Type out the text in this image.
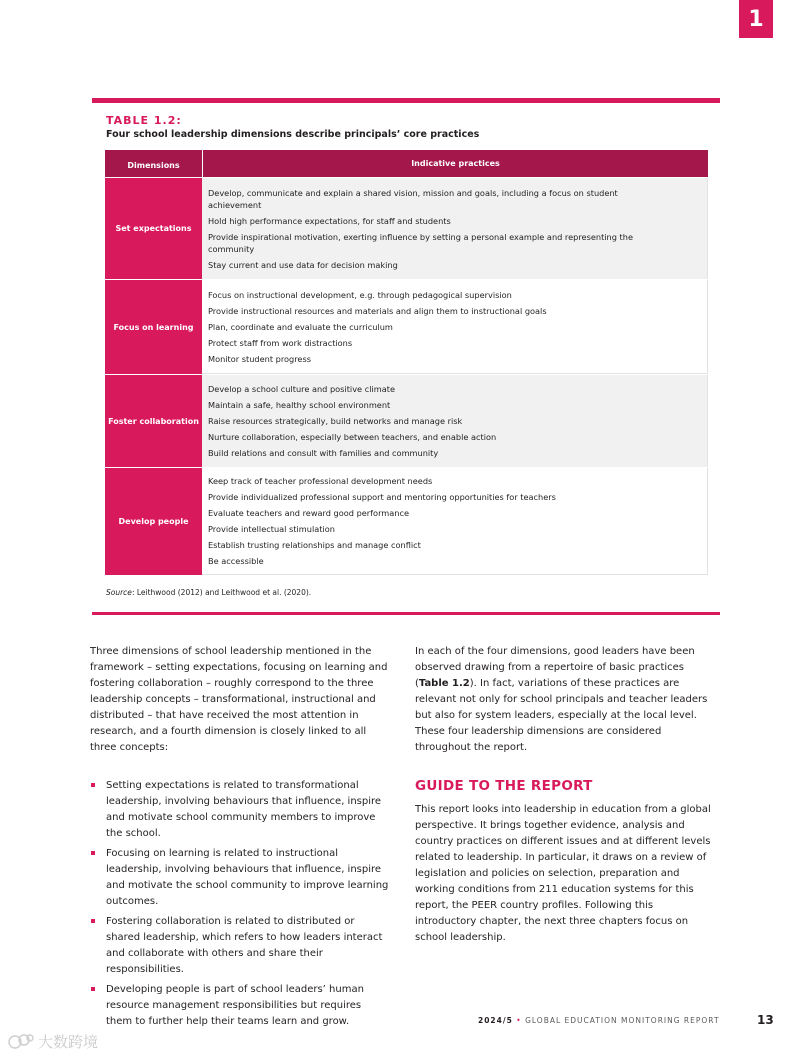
1
TABLE 1.2:
Four school leadership dimensions describe principals’ core practices
Dimensions	Indicative practices
Set expectations

Develop, communicate and explain a shared vision, mission and goals, including a focus on student achievement

Hold high performance expectations, for staff and students

Provide inspirational motivation, exerting influence by setting a personal example and representing the community

Stay current and use data for decision making

Focus on learning

Focus on instructional development, e.g. through pedagogical supervision

Provide instructional resources and materials and align them to instructional goals

Plan, coordinate and evaluate the curriculum

Protect staff from work distractions

Monitor student progress

Foster collaboration

Develop a school culture and positive climate

Maintain a safe, healthy school environment

Raise resources strategically, build networks and manage risk

Nurture collaboration, especially between teachers, and enable action

Build relations and consult with families and community

Develop people

Keep track of teacher professional development needs

Provide individualized professional support and mentoring opportunities for teachers

Evaluate teachers and reward good performance

Provide intellectual stimulation

Establish trusting relationships and manage conflict

Be accessible

Source: Leithwood (2012) and Leithwood et al. (2020).

Three dimensions of school leadership mentioned in the framework – setting expectations, focusing on learning and fostering collaboration – roughly correspond to the three leadership concepts – transformational, instructional and distributed – that have received the most attention in research, and a fourth dimension is closely linked to all three concepts:

Setting expectations is related to transformational leadership, involving behaviours that influence, inspire and motivate school community members to improve the school.
Focusing on learning is related to instructional leadership, involving behaviours that influence, inspire and motivate the school community to improve learning outcomes.
Fostering collaboration is related to distributed or shared leadership, which refers to how leaders interact and collaborate with others and share their responsibilities.
Developing people is part of school leaders’ human resource management responsibilities but requires them to further help their teams learn and grow.

In each of the four dimensions, good leaders have been observed drawing from a repertoire of basic practices (Table 1.2). In fact, variations of these practices are relevant not only for school principals and teacher leaders but also for system leaders, especially at the local level. These four leadership dimensions are considered throughout the report.

GUIDE TO THE REPORT

This report looks into leadership in education from a global perspective. It brings together evidence, analysis and country practices on different issues and at different levels related to leadership. In particular, it draws on a review of legislation and policies on selection, preparation and working conditions from 211 education systems for this report, the PEER country profiles. Following this introductory chapter, the next three chapters focus on school leadership.

2024/5 • GLOBAL EDUCATION MONITORING REPORT	13
大数跨境
